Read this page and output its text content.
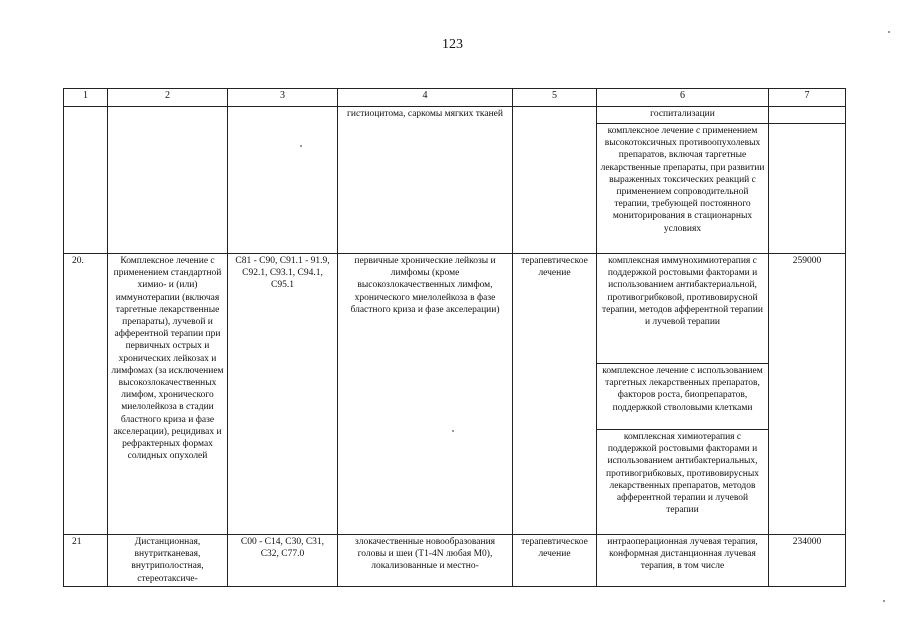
123
1	2	3	4	5	6	7
			гистиоцитома, саркомы мягких тканей		госпитализации	
					комплексное лечение с применением высокотоксичных противоопухолевых препаратов, включая таргетные лекарственные препараты, при развитии выраженных токсических реакций с применением сопроводительной терапии, требующей постоянного мониторирования в стационарных условиях	
20.	Комплексное лечение с применением стандартной химио- и (или) иммунотерапии (включая таргетные лекарственные препараты), лучевой и афферентной терапии при первичных острых и хронических лейкозах и лимфомах (за исключением высокозлокачественных лимфом, хронического миелолейкоза в стадии бластного криза и фазе акселерации), рецидивах и рефрактерных формах солидных опухолей	C81 - C90, C91.1 - 91.9, C92.1, C93.1, C94.1, C95.1	первичные хронические лейкозы и лимфомы (кроме высокозлокачественных лимфом, хронического миелолейкоза в фазе бластного криза и фазе акселерации)	терапевтическое лечение	комплексная иммунохимиотерапия с поддержкой ростовыми факторами и использованием антибактериальной, противогрибковой, противовирусной терапии, методов афферентной терапии и лучевой терапии	259000
					комплексное лечение с использованием таргетных лекарственных препаратов, факторов роста, биопрепаратов, поддержкой стволовыми клетками	
					комплексная химиотерапия с поддержкой ростовыми факторами и использованием антибактериальных, противогрибковых, противовирусных лекарственных препаратов, методов афферентной терапии и лучевой терапии	
21	Дистанционная, внутритканевая, внутриполостная, стереотаксиче-	C00 - C14, C30, C31, C32, C77.0	злокачественные новообразования головы и шеи (T1-4N любая M0), локализованные и местно-	терапевтическое лечение	интраоперационная лучевая терапия, конформная дистанционная лучевая терапия, в том числе	234000
